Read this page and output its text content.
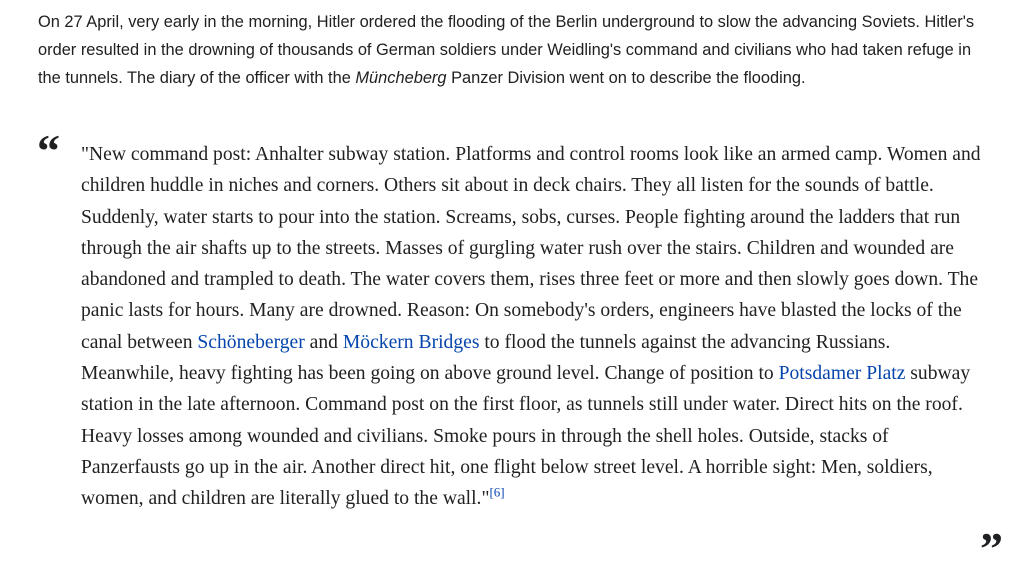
On 27 April, very early in the morning, Hitler ordered the flooding of the Berlin underground to slow the advancing Soviets. Hitler's order resulted in the drowning of thousands of German soldiers under Weidling's command and civilians who had taken refuge in the tunnels. The diary of the officer with the Müncheberg Panzer Division went on to describe the flooding.

“ "New command post: Anhalter subway station. Platforms and control rooms look like an armed camp. Women and children huddle in niches and corners. Others sit about in deck chairs. They all listen for the sounds of battle. Suddenly, water starts to pour into the station. Screams, sobs, curses. People fighting around the ladders that run through the air shafts up to the streets. Masses of gurgling water rush over the stairs. Children and wounded are abandoned and trampled to death. The water covers them, rises three feet or more and then slowly goes down. The panic lasts for hours. Many are drowned. Reason: On somebody's orders, engineers have blasted the locks of the canal between Schöneberger and Möckern Bridges to flood the tunnels against the advancing Russians. Meanwhile, heavy fighting has been going on above ground level. Change of position to Potsdamer Platz subway station in the late afternoon. Command post on the first floor, as tunnels still under water. Direct hits on the roof. Heavy losses among wounded and civilians. Smoke pours in through the shell holes. Outside, stacks of Panzerfausts go up in the air. Another direct hit, one flight below street level. A horrible sight: Men, soldiers, women, and children are literally glued to the wall."[6]

”
